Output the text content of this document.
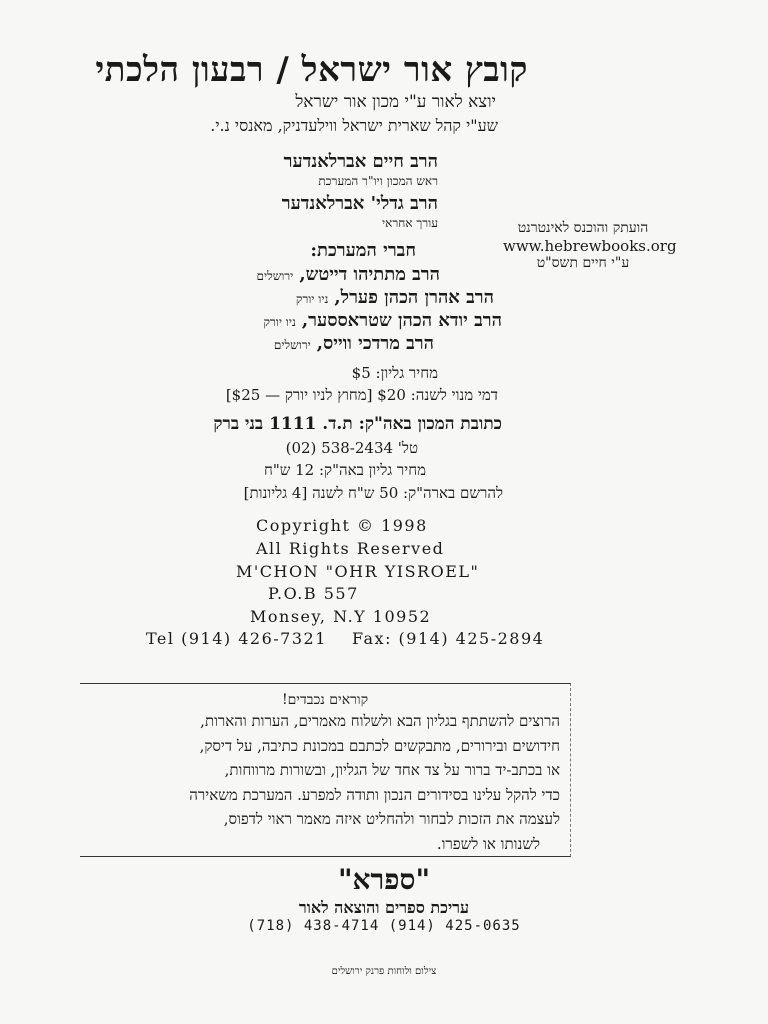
קובץ אור ישראל / רבעון הלכתי
יוצא לאור ע"י מכון אור ישראל
שע"י קהל שארית ישראל ווילעדניק, מאנסי נ.י.
הרב חיים אברלאנדער
ראש המכון ויו"ר המערכת
הרב גדלי' אברלאנדער
עורך אחראי
חברי המערכת:
הרב מתתיהו דייטש,ירושלים
הרב אהרן הכהן פערל,ניו יורק
הרב יודא הכהן שטראססער,ניו יורק
הרב מרדכי ווייס,ירושלים
הועתק והוכנס לאינטרנט
www.hebrewbooks.org
ע"י חיים תשס"ט
מחיר גליון: $5
דמי מנוי לשנה: $20 [מחוץ לניו יורק — $25]
כתובת המכון באה"ק: ת.ד. 1111 בני ברק
טל' 538-2434 (02)
מחיר גליון באה"ק: 12 ש"ח
להרשם בארה"ק: 50 ש"ח לשנה [4 גליונות]
Copyright © 1998
All Rights Reserved
M'CHON "OHR YISROEL"
P.O.B 557
Monsey, N.Y 10952
Tel (914) 426-7321 Fax: (914) 425-2894
קוראים נכבדים!
הרוצים להשתתף בגליון הבא ולשלוח מאמרים, הערות והארות,
חידושים ובירורים, מתבקשים לכתבם במכונת כתיבה, על דיסק,
או בכתב-יד ברור על צד אחד של הגליון, ובשורות מרווחות,
כדי להקל עלינו בסידורים הנכון ותודה למפרע. המערכת משאירה
לעצמה את הזכות לבחור ולהחליט איזה מאמר ראוי לדפוס,
לשנותו או לשפרו.
"ספרא"
עריכת ספרים והוצאה לאור
(718) 438-4714 (914) 425-0635
צילום ולוחות פרנק ירושלים
